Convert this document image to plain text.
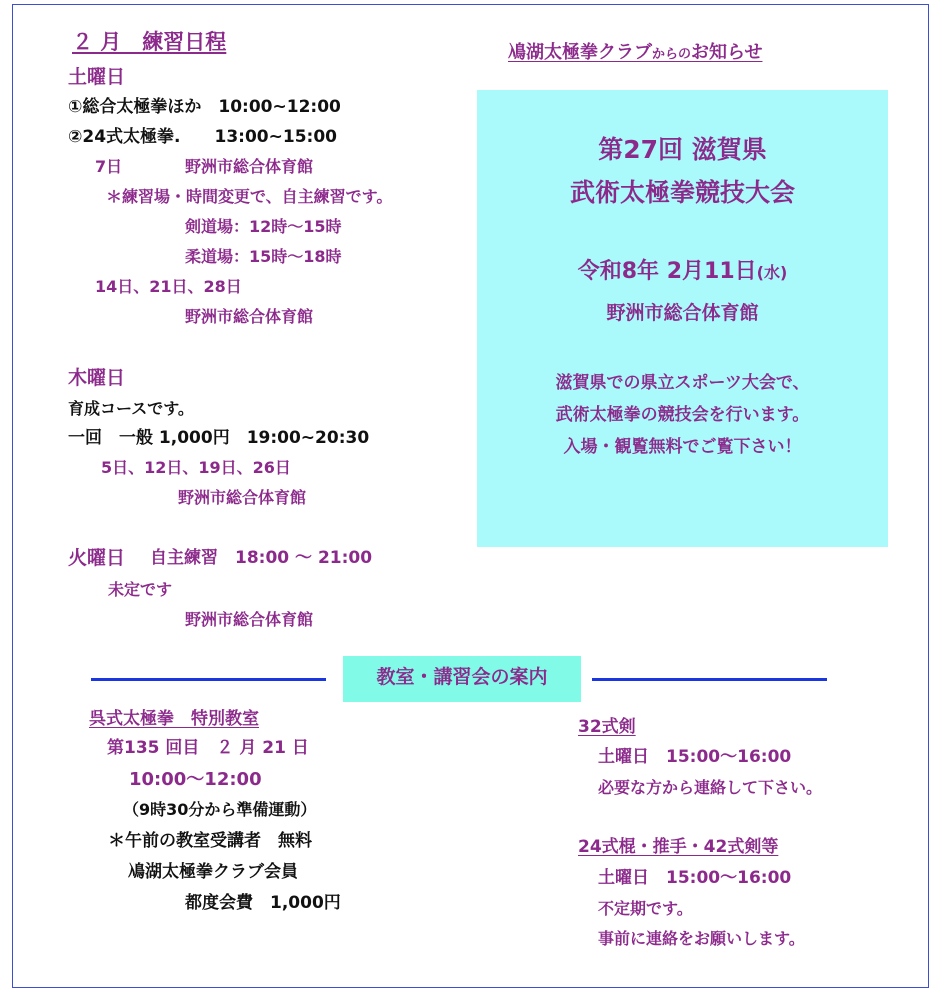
２ 月　練習日程
土曜日
①総合太極拳ほか　10:00~12:00
②24式太極拳.　　13:00~15:00
7日	野洲市総合体育館
＊練習場・時間変更で、自主練習です。
剣道場：12時〜15時
柔道場：15時〜18時
14日、21日、28日
野洲市総合体育館
木曜日
育成コースです。
一回　一般 1,000円　19:00~20:30
5日、12日、19日、26日
野洲市総合体育館
火曜日 自主練習　18:00 〜 21:00
未定です
野洲市総合体育館
鳰湖太極拳クラブからのお知らせ
第27回 滋賀県
武術太極拳競技大会
令和8年 2月11日(水)
野洲市総合体育館
滋賀県での県立スポーツ大会で、
武術太極拳の競技会を行います。
入場・観覧無料でご覧下さい！
教室・講習会の案内
呉式太極拳　特別教室
第135 回目　２ 月 21 日
10:00〜12:00
（9時30分から準備運動）
＊午前の教室受講者　無料
鳰湖太極拳クラブ会員
都度会費　1,000円
32式剣
土曜日　15:00〜16:00
必要な方から連絡して下さい。
24式棍・推手・42式剣等
土曜日　15:00〜16:00
不定期です。
事前に連絡をお願いします。
